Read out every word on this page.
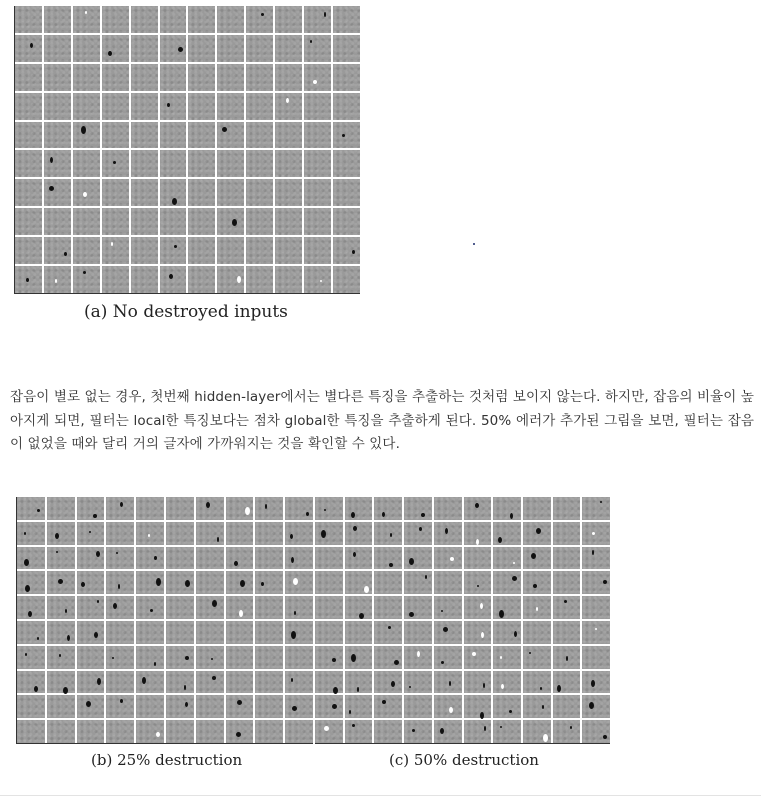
(a) No destroyed inputs

잡음이 별로 없는 경우, 첫번째 hidden-layer에서는 별다른 특징을 추출하는 것처럼 보이지 않는다. 하지만, 잡음의 비율이 높아지게 되면, 필터는 local한 특징보다는 점차 global한 특징을 추출하게 된다. 50% 에러가 추가된 그림을 보면, 필터는 잡음이 없었을 때와 달리 거의 글자에 가까워지는 것을 확인할 수 있다.

(b) 25% destruction	(c) 50% destruction
